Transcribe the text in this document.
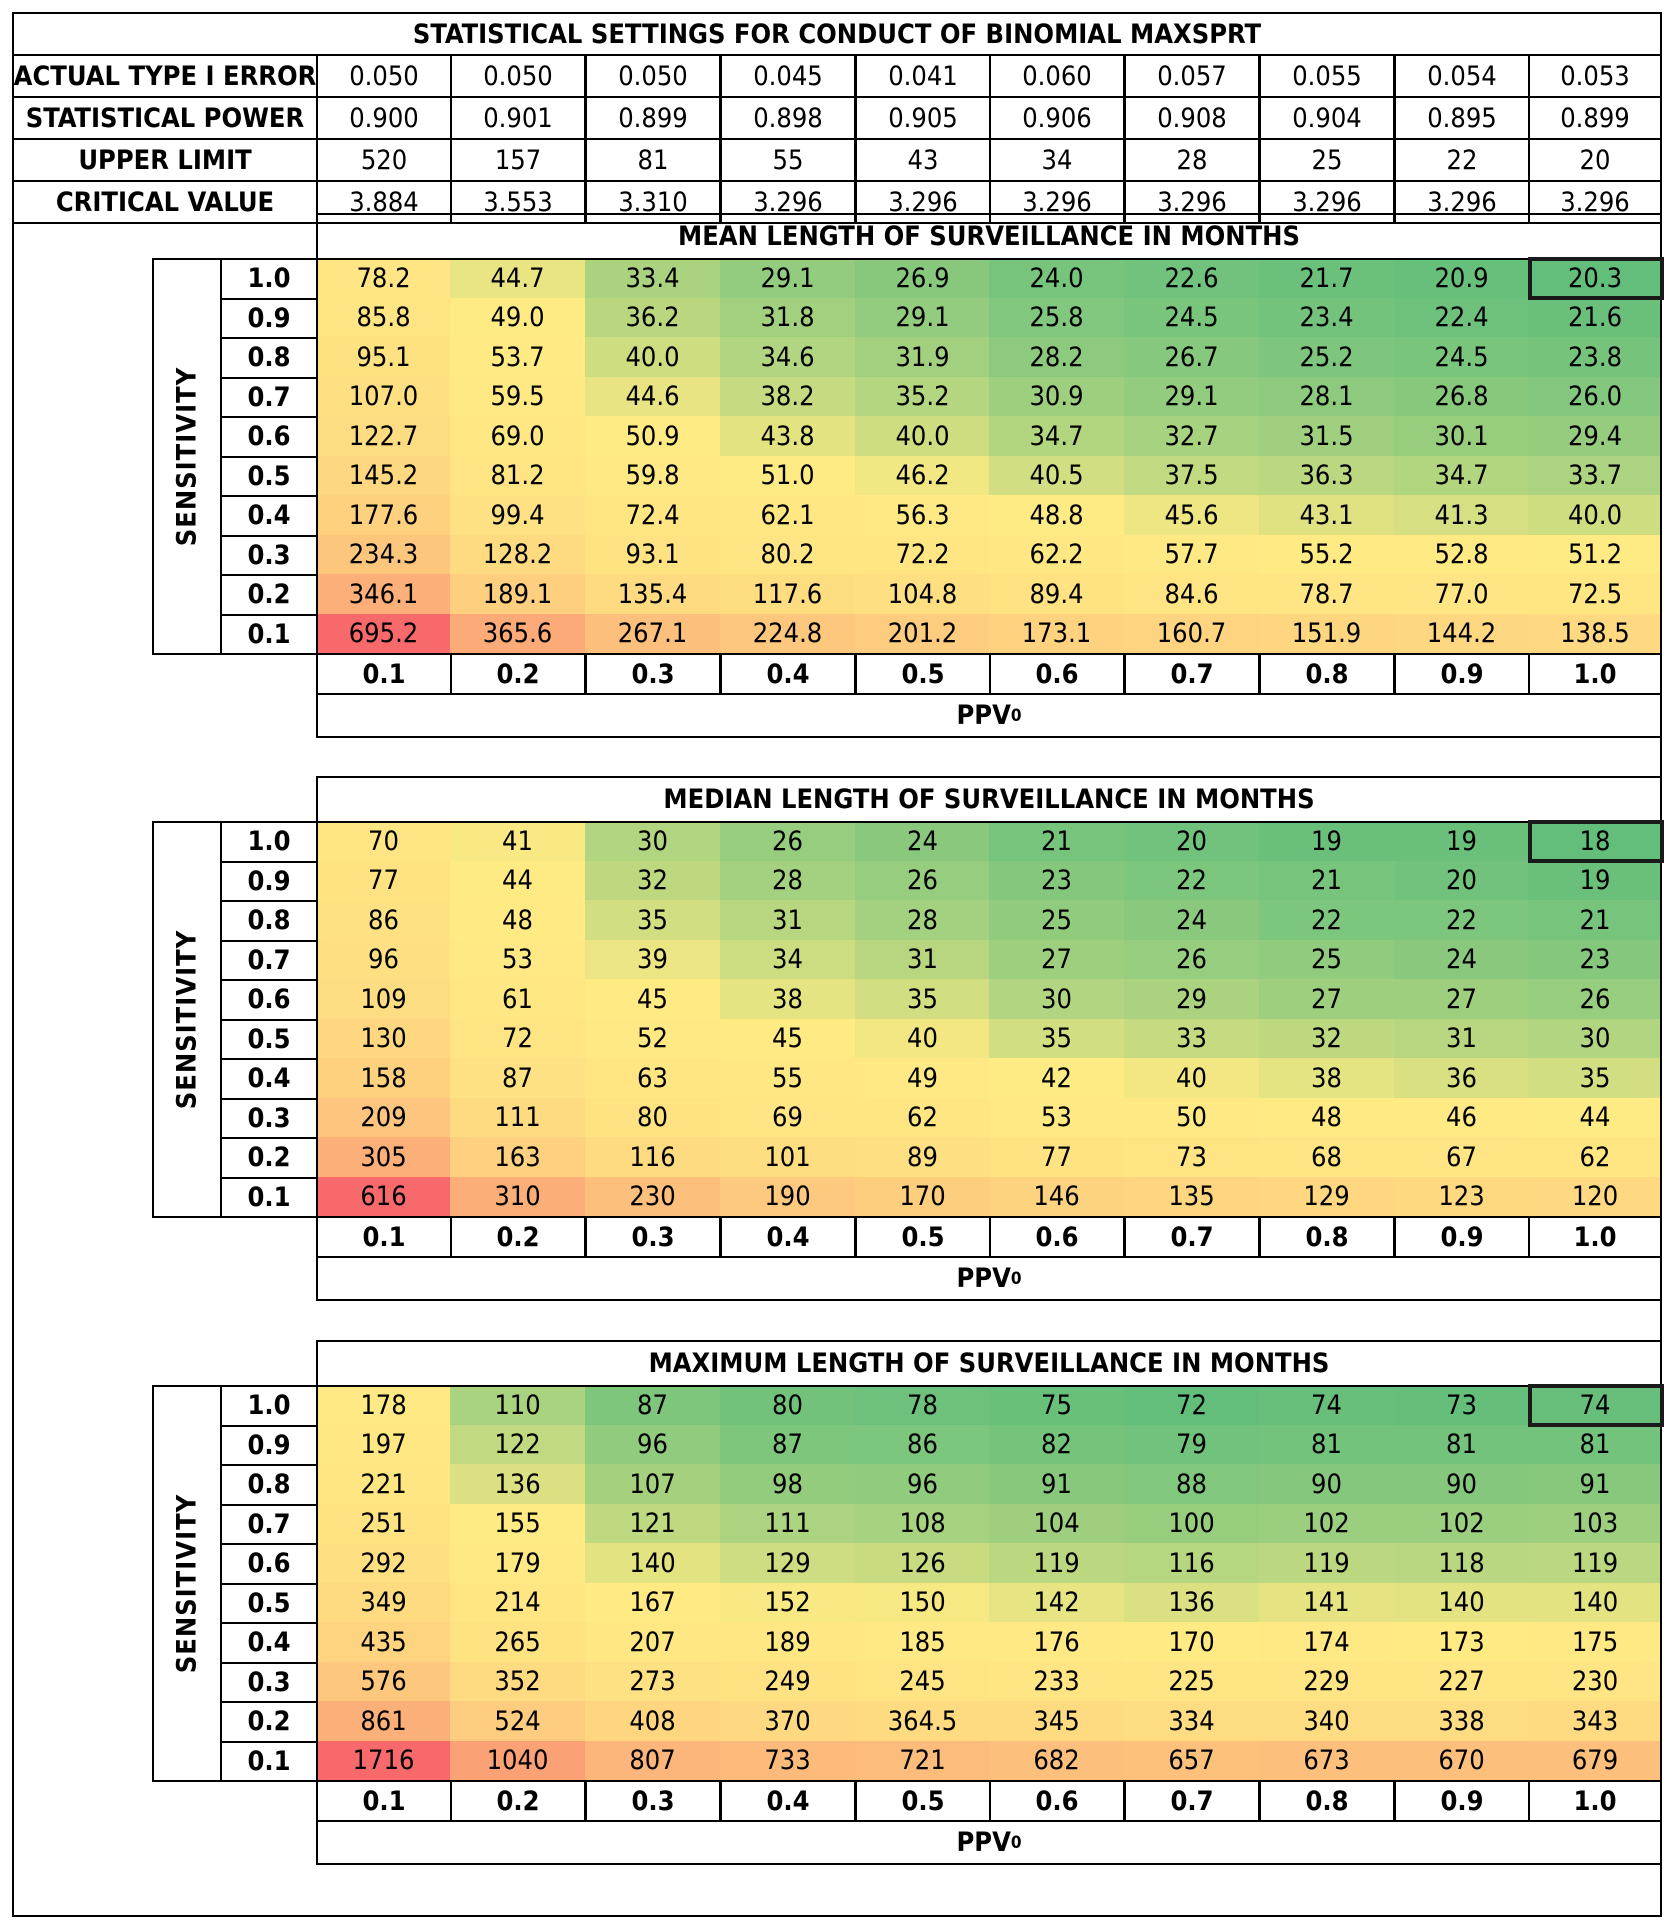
STATISTICAL SETTINGS FOR CONDUCT OF BINOMIAL MAXSPRT
ACTUAL TYPE I ERROR	0.050	0.050	0.050	0.045	0.041	0.060	0.057	0.055	0.054	0.053
STATISTICAL POWER	0.900	0.901	0.899	0.898	0.905	0.906	0.908	0.904	0.895	0.899
UPPER LIMIT	520	157	81	55	43	34	28	25	22	20
CRITICAL VALUE	3.884	3.553	3.310	3.296	3.296	3.296	3.296	3.296	3.296	3.296
MEAN LENGTH OF SURVEILLANCE IN MONTHS
SENSITIVITY
1.0	78.2	44.7	33.4	29.1	26.9	24.0	22.6	21.7	20.9	20.3
0.9	85.8	49.0	36.2	31.8	29.1	25.8	24.5	23.4	22.4	21.6
0.8	95.1	53.7	40.0	34.6	31.9	28.2	26.7	25.2	24.5	23.8
0.7	107.0	59.5	44.6	38.2	35.2	30.9	29.1	28.1	26.8	26.0
0.6	122.7	69.0	50.9	43.8	40.0	34.7	32.7	31.5	30.1	29.4
0.5	145.2	81.2	59.8	51.0	46.2	40.5	37.5	36.3	34.7	33.7
0.4	177.6	99.4	72.4	62.1	56.3	48.8	45.6	43.1	41.3	40.0
0.3	234.3	128.2	93.1	80.2	72.2	62.2	57.7	55.2	52.8	51.2
0.2	346.1	189.1	135.4	117.6	104.8	89.4	84.6	78.7	77.0	72.5
0.1	695.2	365.6	267.1	224.8	201.2	173.1	160.7	151.9	144.2	138.5
0.1	0.2	0.3	0.4	0.5	0.6	0.7	0.8	0.9	1.0
PPV 0
MEDIAN LENGTH OF SURVEILLANCE IN MONTHS
SENSITIVITY
1.0	70	41	30	26	24	21	20	19	19	18
0.9	77	44	32	28	26	23	22	21	20	19
0.8	86	48	35	31	28	25	24	22	22	21
0.7	96	53	39	34	31	27	26	25	24	23
0.6	109	61	45	38	35	30	29	27	27	26
0.5	130	72	52	45	40	35	33	32	31	30
0.4	158	87	63	55	49	42	40	38	36	35
0.3	209	111	80	69	62	53	50	48	46	44
0.2	305	163	116	101	89	77	73	68	67	62
0.1	616	310	230	190	170	146	135	129	123	120
0.1	0.2	0.3	0.4	0.5	0.6	0.7	0.8	0.9	1.0
PPV 0
MAXIMUM LENGTH OF SURVEILLANCE IN MONTHS
SENSITIVITY
1.0	178	110	87	80	78	75	72	74	73	74
0.9	197	122	96	87	86	82	79	81	81	81
0.8	221	136	107	98	96	91	88	90	90	91
0.7	251	155	121	111	108	104	100	102	102	103
0.6	292	179	140	129	126	119	116	119	118	119
0.5	349	214	167	152	150	142	136	141	140	140
0.4	435	265	207	189	185	176	170	174	173	175
0.3	576	352	273	249	245	233	225	229	227	230
0.2	861	524	408	370	364.5	345	334	340	338	343
0.1	1716	1040	807	733	721	682	657	673	670	679
0.1	0.2	0.3	0.4	0.5	0.6	0.7	0.8	0.9	1.0
PPV 0
